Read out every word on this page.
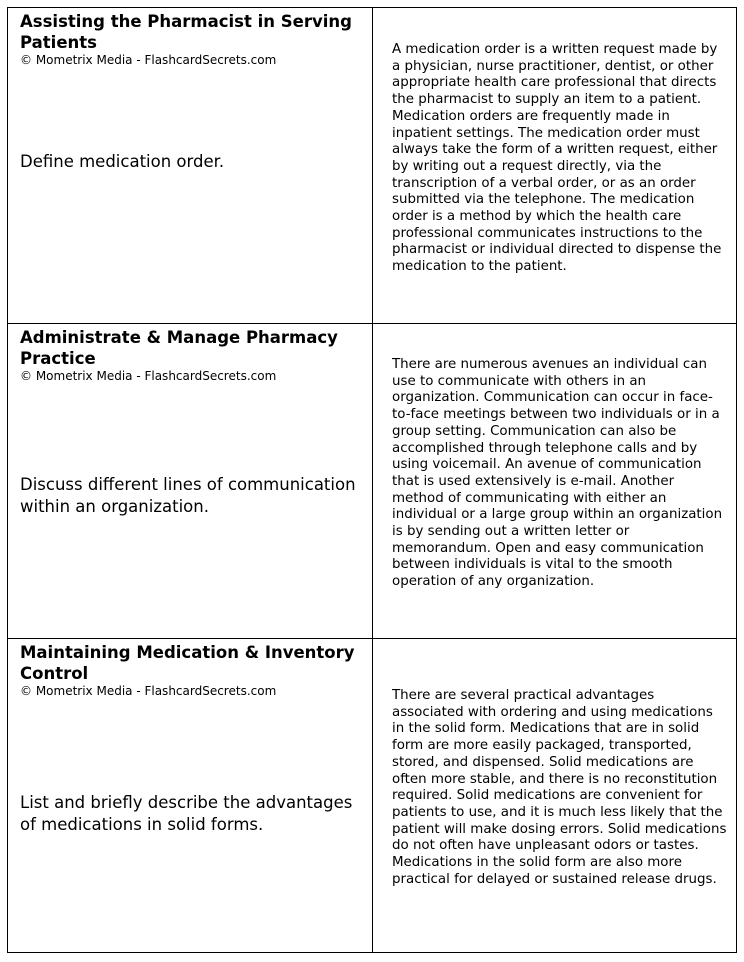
Assisting the Pharmacist in Serving Patients
© Mometrix Media - FlashcardSecrets.com
Define medication order.
A medication order is a written request made by a physician, nurse practitioner, dentist, or other appropriate health care professional that directs the pharmacist to supply an item to a patient. Medication orders are frequently made in inpatient settings. The medication order must always take the form of a written request, either by writing out a request directly, via the transcription of a verbal order, or as an order submitted via the telephone. The medication order is a method by which the health care professional communicates instructions to the pharmacist or individual directed to dispense the medication to the patient.
Administrate & Manage Pharmacy Practice
© Mometrix Media - FlashcardSecrets.com
Discuss different lines of communication within an organization.
There are numerous avenues an individual can use to communicate with others in an organization. Communication can occur in face-to-face meetings between two individuals or in a group setting. Communication can also be accomplished through telephone calls and by using voicemail. An avenue of communication that is used extensively is e-mail. Another method of communicating with either an individual or a large group within an organization is by sending out a written letter or memorandum. Open and easy communication between individuals is vital to the smooth operation of any organization.
Maintaining Medication & Inventory Control
© Mometrix Media - FlashcardSecrets.com
List and briefly describe the advantages of medications in solid forms.
There are several practical advantages associated with ordering and using medications in the solid form. Medications that are in solid form are more easily packaged, transported, stored, and dispensed. Solid medications are often more stable, and there is no reconstitution required. Solid medications are convenient for patients to use, and it is much less likely that the patient will make dosing errors. Solid medications do not often have unpleasant odors or tastes. Medications in the solid form are also more practical for delayed or sustained release drugs.
